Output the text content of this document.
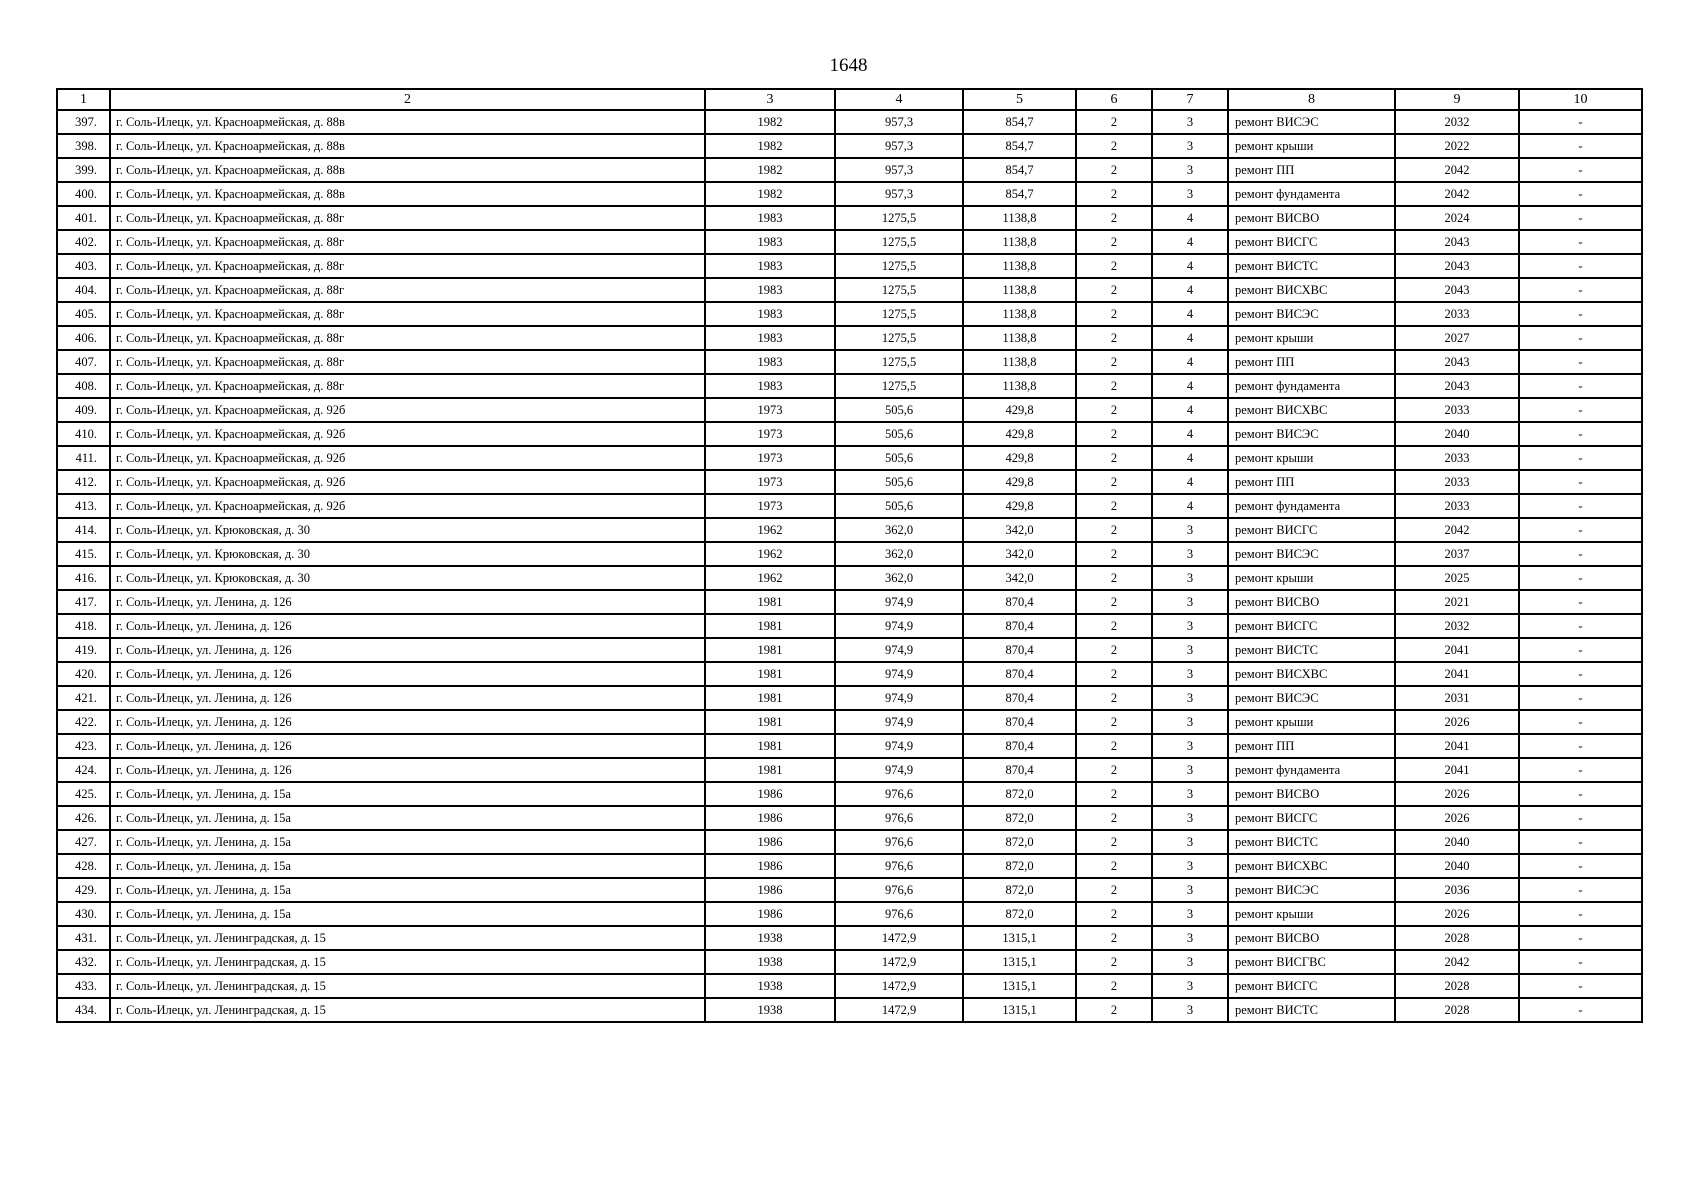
1648
1	2	3	4	5	6	7	8	9	10
397.	г. Соль-Илецк, ул. Красноармейская, д. 88в	1982	957,3	854,7	2	3	ремонт ВИСЭС	2032	-
398.	г. Соль-Илецк, ул. Красноармейская, д. 88в	1982	957,3	854,7	2	3	ремонт крыши	2022	-
399.	г. Соль-Илецк, ул. Красноармейская, д. 88в	1982	957,3	854,7	2	3	ремонт ПП	2042	-
400.	г. Соль-Илецк, ул. Красноармейская, д. 88в	1982	957,3	854,7	2	3	ремонт фундамента	2042	-
401.	г. Соль-Илецк, ул. Красноармейская, д. 88г	1983	1275,5	1138,8	2	4	ремонт ВИСВО	2024	-
402.	г. Соль-Илецк, ул. Красноармейская, д. 88г	1983	1275,5	1138,8	2	4	ремонт ВИСГС	2043	-
403.	г. Соль-Илецк, ул. Красноармейская, д. 88г	1983	1275,5	1138,8	2	4	ремонт ВИСТС	2043	-
404.	г. Соль-Илецк, ул. Красноармейская, д. 88г	1983	1275,5	1138,8	2	4	ремонт ВИСХВС	2043	-
405.	г. Соль-Илецк, ул. Красноармейская, д. 88г	1983	1275,5	1138,8	2	4	ремонт ВИСЭС	2033	-
406.	г. Соль-Илецк, ул. Красноармейская, д. 88г	1983	1275,5	1138,8	2	4	ремонт крыши	2027	-
407.	г. Соль-Илецк, ул. Красноармейская, д. 88г	1983	1275,5	1138,8	2	4	ремонт ПП	2043	-
408.	г. Соль-Илецк, ул. Красноармейская, д. 88г	1983	1275,5	1138,8	2	4	ремонт фундамента	2043	-
409.	г. Соль-Илецк, ул. Красноармейская, д. 92б	1973	505,6	429,8	2	4	ремонт ВИСХВС	2033	-
410.	г. Соль-Илецк, ул. Красноармейская, д. 92б	1973	505,6	429,8	2	4	ремонт ВИСЭС	2040	-
411.	г. Соль-Илецк, ул. Красноармейская, д. 92б	1973	505,6	429,8	2	4	ремонт крыши	2033	-
412.	г. Соль-Илецк, ул. Красноармейская, д. 92б	1973	505,6	429,8	2	4	ремонт ПП	2033	-
413.	г. Соль-Илецк, ул. Красноармейская, д. 92б	1973	505,6	429,8	2	4	ремонт фундамента	2033	-
414.	г. Соль-Илецк, ул. Крюковская, д. 30	1962	362,0	342,0	2	3	ремонт ВИСГС	2042	-
415.	г. Соль-Илецк, ул. Крюковская, д. 30	1962	362,0	342,0	2	3	ремонт ВИСЭС	2037	-
416.	г. Соль-Илецк, ул. Крюковская, д. 30	1962	362,0	342,0	2	3	ремонт крыши	2025	-
417.	г. Соль-Илецк, ул. Ленина, д. 126	1981	974,9	870,4	2	3	ремонт ВИСВО	2021	-
418.	г. Соль-Илецк, ул. Ленина, д. 126	1981	974,9	870,4	2	3	ремонт ВИСГС	2032	-
419.	г. Соль-Илецк, ул. Ленина, д. 126	1981	974,9	870,4	2	3	ремонт ВИСТС	2041	-
420.	г. Соль-Илецк, ул. Ленина, д. 126	1981	974,9	870,4	2	3	ремонт ВИСХВС	2041	-
421.	г. Соль-Илецк, ул. Ленина, д. 126	1981	974,9	870,4	2	3	ремонт ВИСЭС	2031	-
422.	г. Соль-Илецк, ул. Ленина, д. 126	1981	974,9	870,4	2	3	ремонт крыши	2026	-
423.	г. Соль-Илецк, ул. Ленина, д. 126	1981	974,9	870,4	2	3	ремонт ПП	2041	-
424.	г. Соль-Илецк, ул. Ленина, д. 126	1981	974,9	870,4	2	3	ремонт фундамента	2041	-
425.	г. Соль-Илецк, ул. Ленина, д. 15а	1986	976,6	872,0	2	3	ремонт ВИСВО	2026	-
426.	г. Соль-Илецк, ул. Ленина, д. 15а	1986	976,6	872,0	2	3	ремонт ВИСГС	2026	-
427.	г. Соль-Илецк, ул. Ленина, д. 15а	1986	976,6	872,0	2	3	ремонт ВИСТС	2040	-
428.	г. Соль-Илецк, ул. Ленина, д. 15а	1986	976,6	872,0	2	3	ремонт ВИСХВС	2040	-
429.	г. Соль-Илецк, ул. Ленина, д. 15а	1986	976,6	872,0	2	3	ремонт ВИСЭС	2036	-
430.	г. Соль-Илецк, ул. Ленина, д. 15а	1986	976,6	872,0	2	3	ремонт крыши	2026	-
431.	г. Соль-Илецк, ул. Ленинградская, д. 15	1938	1472,9	1315,1	2	3	ремонт ВИСВО	2028	-
432.	г. Соль-Илецк, ул. Ленинградская, д. 15	1938	1472,9	1315,1	2	3	ремонт ВИСГВС	2042	-
433.	г. Соль-Илецк, ул. Ленинградская, д. 15	1938	1472,9	1315,1	2	3	ремонт ВИСГС	2028	-
434.	г. Соль-Илецк, ул. Ленинградская, д. 15	1938	1472,9	1315,1	2	3	ремонт ВИСТС	2028	-
